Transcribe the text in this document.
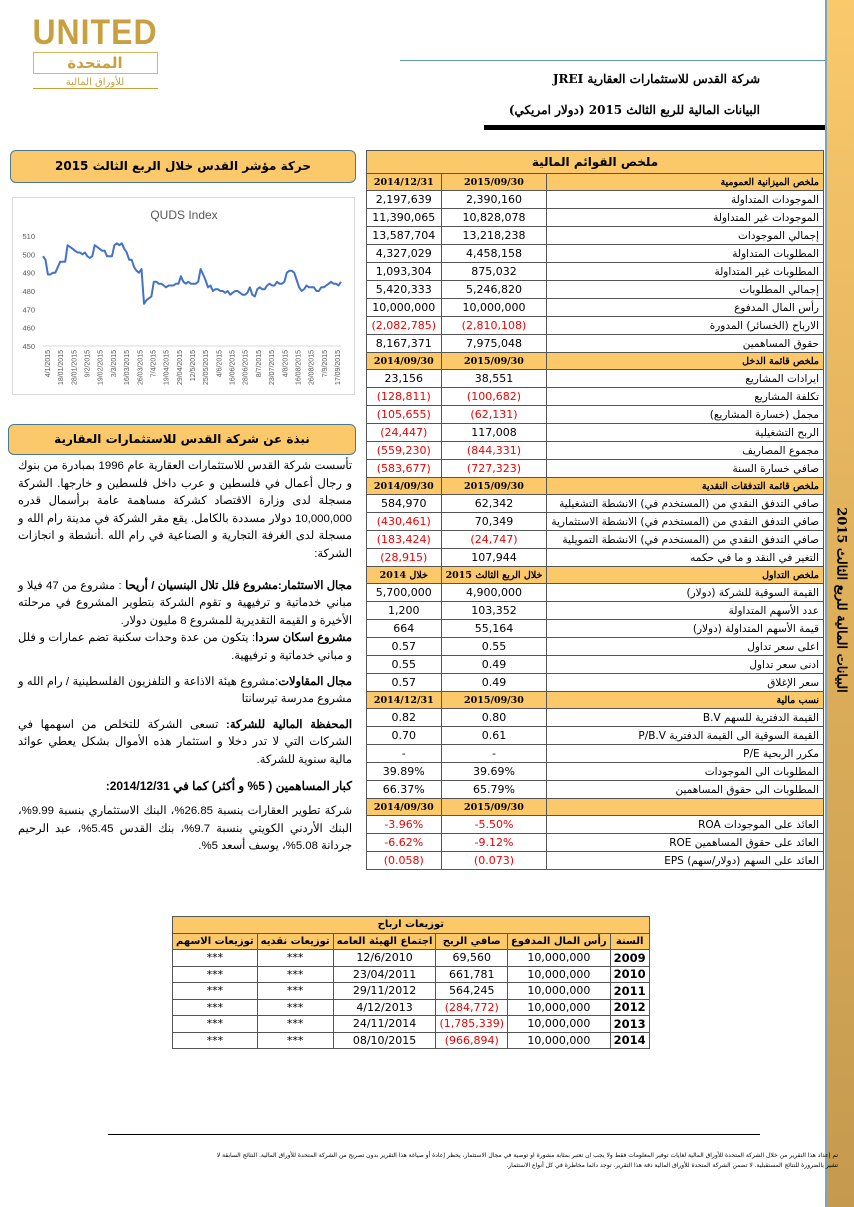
البيانات المالية للربع الثالث 2015
UNITED
المتحدة
للأوراق المالية	شركة القدس للاستثمارات العقارية JREI
البيانات المالية للربع الثالث 2015 (دولار امريكي)
حركة مؤشر القدس خلال الربع الثالث 2015
QUDS Index
510
500
490
480
470
460
450
4/1/2015 18/01/2015 28/01/2015 9/2/2015 19/02/2015 3/3/2015 16/03/2015 26/03/2015 7/4/2015 19/04/2015 29/04/2015 12/5/2015 25/05/2015 4/6/2015 16/06/2015 28/06/2015 8/7/2015 23/07/2015 4/8/2015 16/08/2015 26/08/2015 7/9/2015 17/09/2015
نبذة عن شركة القدس للاستثمارات العقارية

تأسست شركة القدس للاستثمارات العقارية عام 1996 بمبادرة من بنوك و رجال أعمال في فلسطين و عرب داخل فلسطين و خارجها. الشركة مسجلة لدى وزارة الاقتصاد كشركة مساهمة عامة برأسمال قدره 10,000,000 دولار مسددة بالكامل. يقع مقر الشركة في مدينة رام الله و مسجلة لدى الغرفة التجارية و الصناعية في رام الله .أنشطة و انجازات الشركة:

مجال الاستثمار:مشروع فلل تلال البنسيان / أريحا : مشروع من 47 فيلا و مباني خدماتية و ترفيهية و تقوم الشركة بتطوير المشروع في مرحلته الأخيرة و القيمة التقديرية للمشروع 8 مليون دولار.
مشروع اسكان سردا: يتكون من عدة وحدات سكنية تضم عمارات و فلل و مباني خدماتية و ترفيهية.

مجال المقاولات:مشروع هيئة الاذاعة و التلفزيون الفلسطينية / رام الله و مشروع مدرسة تيرسانتا

المحفظة المالية للشركة: تسعى الشركة للتخلص من اسهمها في الشركات التي لا تدر دخلا و استثمار هذه الأموال بشكل يعطي عوائد مالية سنوية للشركة.

كبار المساهمين ( 5% و أكثر) كما في 2014/12/31:

شركة تطوير العقارات بنسبة 26.85%، البنك الاستثماري بنسبة 9.99%، البنك الأردني الكويتي بنسبة 9.7%، بنك القدس 5.45%، عبد الرحيم جردانة 5.08%، يوسف أسعد 5%.

ملخص القوائم المالية		
2014/12/31	2015/09/30	ملخص الميزانية العمومية
2,197,639	2,390,160	الموجودات المتداولة
11,390,065	10,828,078	الموجودات غير المتداولة
13,587,704	13,218,238	إجمالي الموجودات
4,327,029	4,458,158	المطلوبات المتداولة
1,093,304	875,032	المطلوبات غير المتداولة
5,420,333	5,246,820	إجمالي المطلوبات
10,000,000	10,000,000	رأس المال المدفوع
(2,082,785)	(2,810,108)	الارباح (الخسائر) المدورة
8,167,371	7,975,048	حقوق المساهمين
2014/09/30	2015/09/30	ملخص قائمة الدخل
23,156	38,551	ايرادات المشاريع
(128,811)	(100,682)	تكلفة المشاريع
(105,655)	(62,131)	مجمل (خسارة المشاريع)
(24,447)	117,008	الربح التشغيلية
(559,230)	(844,331)	مجموع المصاريف
(583,677)	(727,323)	صافي خسارة السنة
2014/09/30	2015/09/30	ملخص قائمة التدفقات النقدية
584,970	62,342	صافي التدفق النقدي من (المستخدم في) الانشطة التشغيلية
(430,461)	70,349	صافي التدفق النقدي من (المستخدم في) الانشطة الاستثمارية
(183,424)	(24,747)	صافي التدفق النقدي من (المستخدم في) الانشطة التمويلية
(28,915)	107,944	التغير في النقد و ما في حكمه
خلال 2014	خلال الربع الثالث 2015	ملخص التداول
5,700,000	4,900,000	القيمة السوقية للشركة (دولار)
1,200	103,352	عدد الأسهم المتداولة
664	55,164	قيمة الأسهم المتداولة (دولار)
0.57	0.55	اعلى سعر تداول
0.55	0.49	ادنى سعر تداول
0.57	0.49	سعر الإغلاق
2014/12/31	2015/09/30	نسب مالية
0.82	0.80	القيمة الدفترية للسهم B.V
0.70	0.61	القيمة السوقية الى القيمة الدفترية P/B.V
-	-	مكرر الربحية P/E
39.89%	39.69%	المطلوبات الى الموجودات
66.37%	65.79%	المطلوبات الى حقوق المساهمين
2014/09/30	2015/09/30	
-3.96%	-5.50%	العائد على الموجودات ROA
-6.62%	-9.12%	العائد على حقوق المساهمين ROE
(0.058)	(0.073)	العائد على السهم (دولار/سهم) EPS
توزيعات ارباح					
توزيعات الاسهم	توزيعات نقديه	اجتماع الهيئة العامه	صافي الربح	رأس المال المدفوع	السنة
***	***	12/6/2010	69,560	10,000,000	2009
***	***	23/04/2011	661,781	10,000,000	2010
***	***	29/11/2012	564,245	10,000,000	2011
***	***	4/12/2013	(284,772)	10,000,000	2012
***	***	24/11/2014	(1,785,339)	10,000,000	2013
***	***	08/10/2015	(966,894)	10,000,000	2014
تم إعداد هذا التقرير من خلال الشركة المتحدة للأوراق المالية لغايات توفير المعلومات فقط ولا يجب ان تعتبر بمثابة مشورة او توصية في مجال الاستثمار، يحظر إعادة أو صياغة هذا التقرير بدون تصريح من الشركة المتحدة للأوراق المالية. النتائج السابقة لا
تشير بالضرورة للنتائج المستقبلية. لا تضمن الشركة المتحدة للأوراق المالية دقة هذا التقرير. توجد دائما مخاطرة في كل أنواع الاستثمار.
